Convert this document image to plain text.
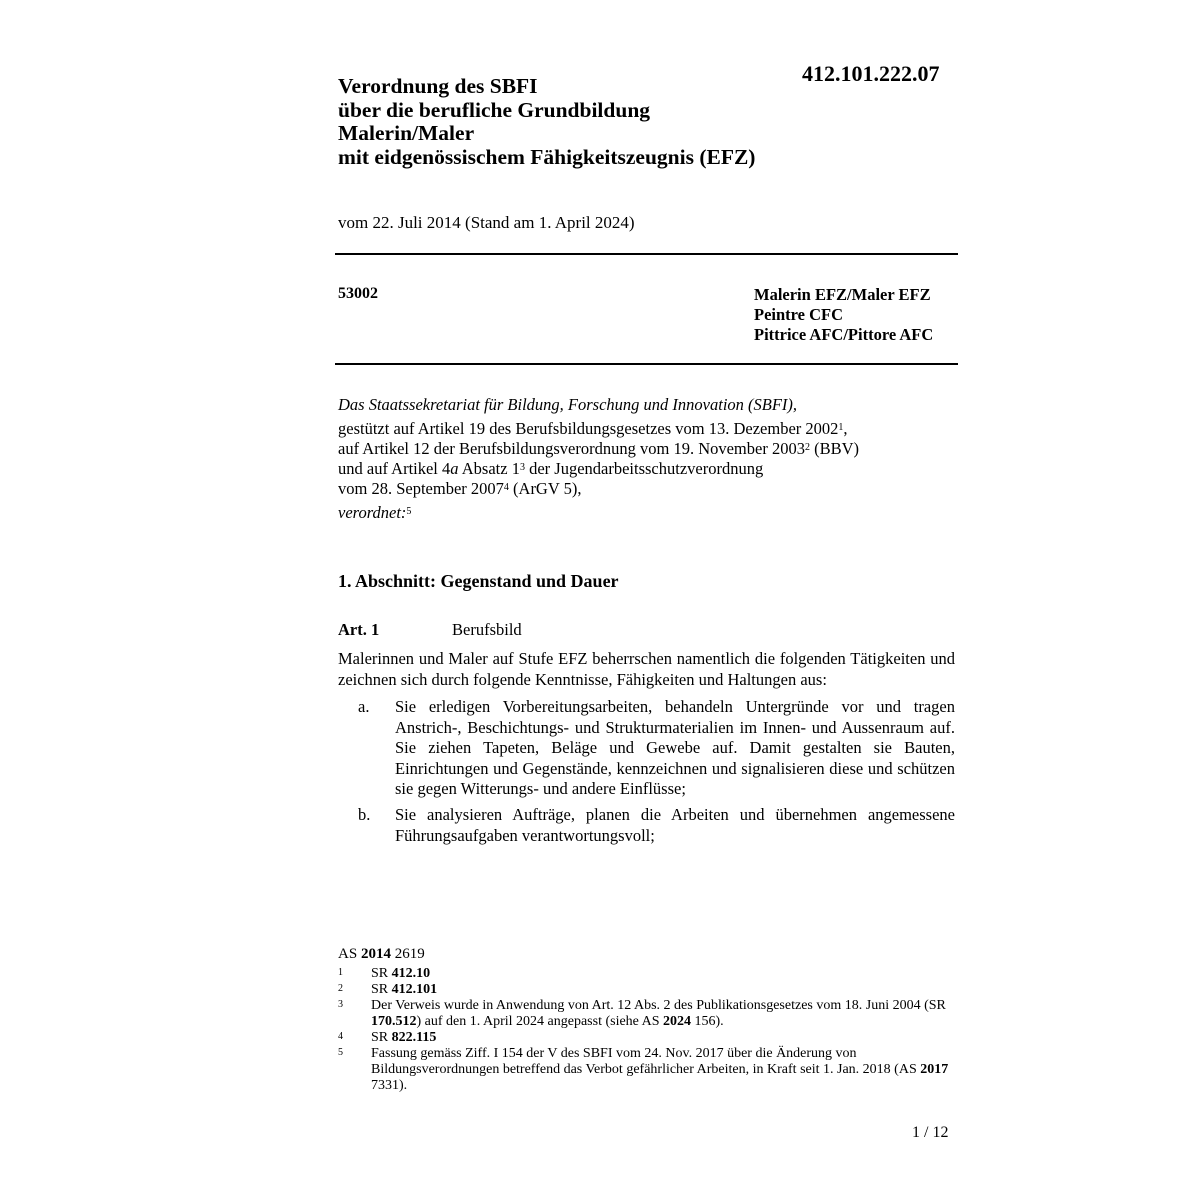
412.101.222.07
Verordnung des SBFI
über die berufliche Grundbildung
Malerin/Maler
mit eidgenössischem Fähigkeitszeugnis (EFZ)
vom 22. Juli 2014 (Stand am 1. April 2024)
53002	Malerin EFZ/Maler EFZ
Peintre CFC
Pittrice AFC/Pittore AFC
Das Staatssekretariat für Bildung, Forschung und Innovation (SBFI),
gestützt auf Artikel 19 des Berufsbildungsgesetzes vom 13. Dezember 2002$^1$,
auf Artikel 12 der Berufsbildungsverordnung vom 19. November 2003$^2$ (BBV)
und auf Artikel 4a Absatz 1$^3$ der Jugendarbeitsschutzverordnung
vom 28. September 2007$^4$ (ArGV 5),
verordnet:$^5$
1. Abschnitt: Gegenstand und Dauer
Art. 1	Berufsbild
Malerinnen und Maler auf Stufe EFZ beherrschen namentlich die folgenden Tätigkeiten und zeichnen sich durch folgende Kenntnisse, Fähigkeiten und Haltungen aus:
a.	Sie erledigen Vorbereitungsarbeiten, behandeln Untergründe vor und tragen Anstrich-, Beschichtungs- und Strukturmaterialien im Innen- und Aussenraum auf. Sie ziehen Tapeten, Beläge und Gewebe auf. Damit gestalten sie Bauten, Einrichtungen und Gegenstände, kennzeichnen und signalisieren diese und schützen sie gegen Witterungs- und andere Einflüsse;
b.	Sie analysieren Aufträge, planen die Arbeiten und übernehmen angemessene Führungsaufgaben verantwortungsvoll;
AS 2014 2619
1	SR 412.10
2	SR 412.101
3	Der Verweis wurde in Anwendung von Art. 12 Abs. 2 des Publikationsgesetzes vom 18. Juni 2004 (SR 170.512) auf den 1. April 2024 angepasst (siehe AS 2024 156).
4	SR 822.115
5	Fassung gemäss Ziff. I 154 der V des SBFI vom 24. Nov. 2017 über die Änderung von Bildungsverordnungen betreffend das Verbot gefährlicher Arbeiten, in Kraft seit 1. Jan. 2018 (AS 2017 7331).
1 / 12
